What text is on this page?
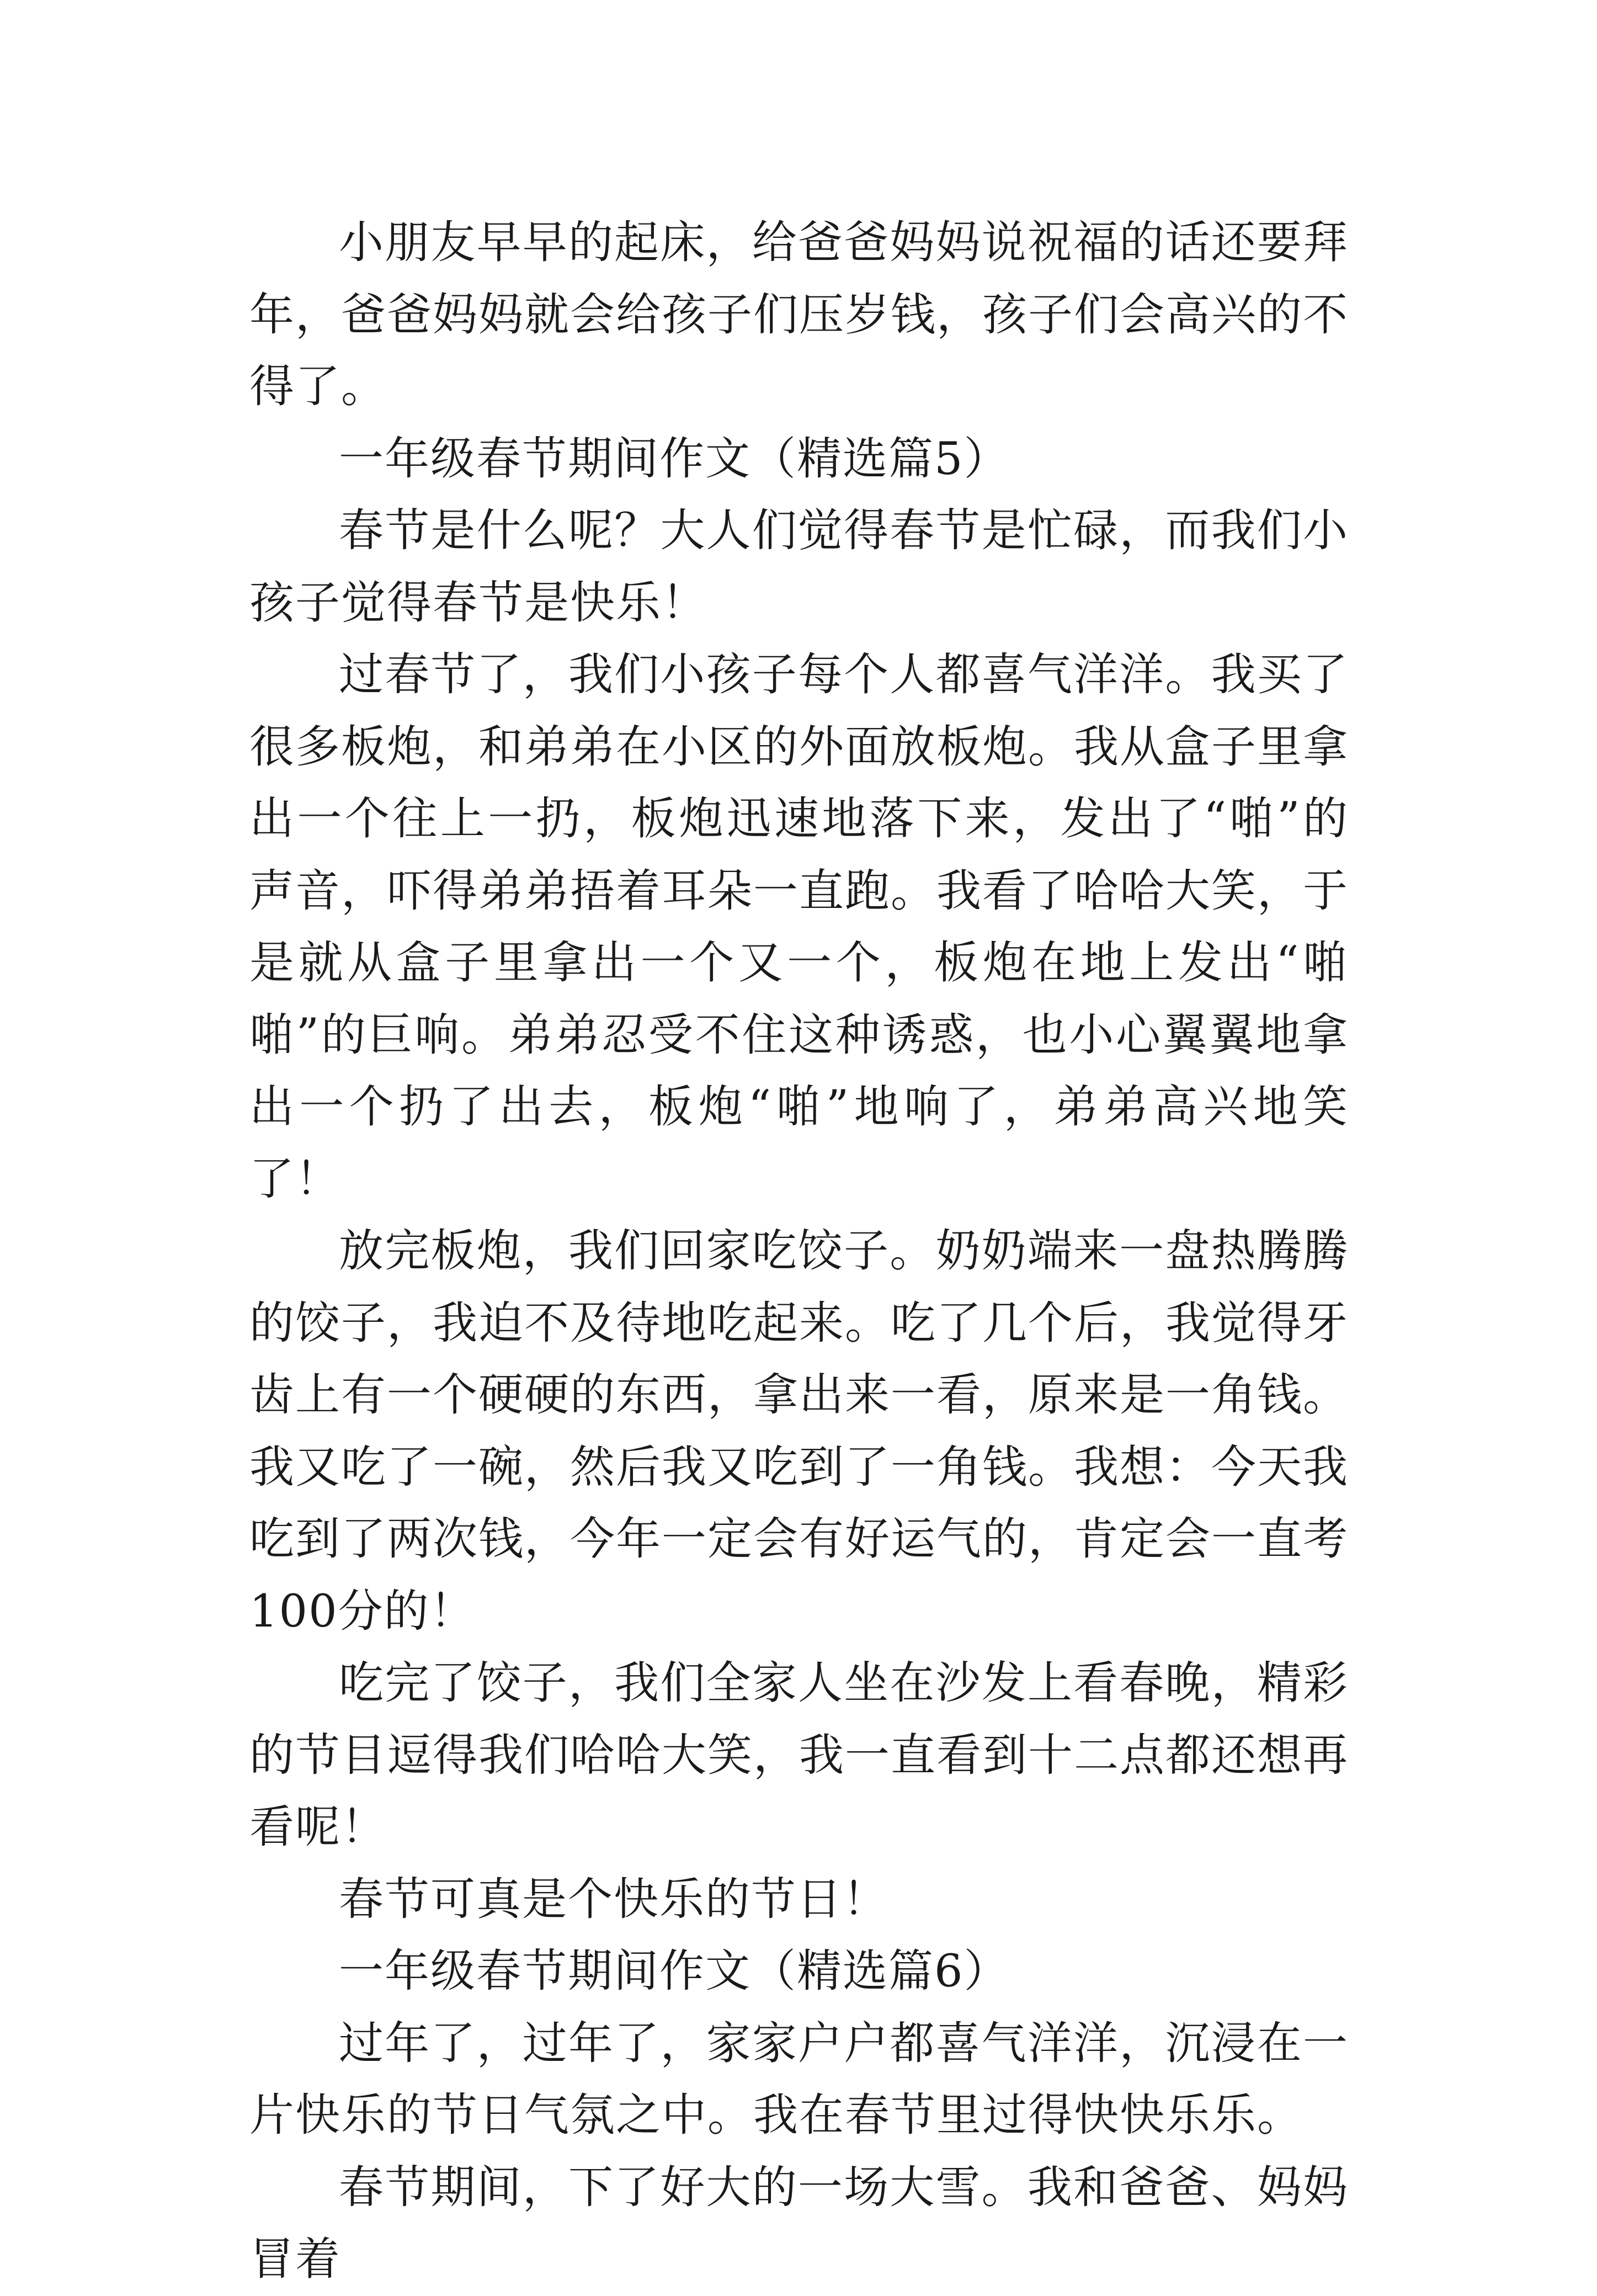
小朋友早早的起床，给爸爸妈妈说祝福的话还要拜年，爸爸妈妈就会给孩子们压岁钱，孩子们会高兴的不得了。

一年级春节期间作文（精选篇5）

春节是什么呢？大人们觉得春节是忙碌，而我们小孩子觉得春节是快乐！

过春节了，我们小孩子每个人都喜气洋洋。我买了很多板炮，和弟弟在小区的外面放板炮。我从盒子里拿出一个往上一扔，板炮迅速地落下来，发出了“啪”的声音，吓得弟弟捂着耳朵一直跑。我看了哈哈大笑，于是就从盒子里拿出一个又一个，板炮在地上发出“啪啪”的巨响。弟弟忍受不住这种诱惑，也小心翼翼地拿出一个扔了出去，板炮“啪”地响了，弟弟高兴地笑了！

放完板炮，我们回家吃饺子。奶奶端来一盘热腾腾的饺子，我迫不及待地吃起来。吃了几个后，我觉得牙齿上有一个硬硬的东西，拿出来一看，原来是一角钱。我又吃了一碗，然后我又吃到了一角钱。我想：今天我吃到了两次钱，今年一定会有好运气的，肯定会一直考100分的！

吃完了饺子，我们全家人坐在沙发上看春晚，精彩的节目逗得我们哈哈大笑，我一直看到十二点都还想再看呢！

春节可真是个快乐的节日！

一年级春节期间作文（精选篇6）

过年了，过年了，家家户户都喜气洋洋，沉浸在一片快乐的节日气氛之中。我在春节里过得快快乐乐。

春节期间，下了好大的一场大雪。我和爸爸、妈妈冒着
